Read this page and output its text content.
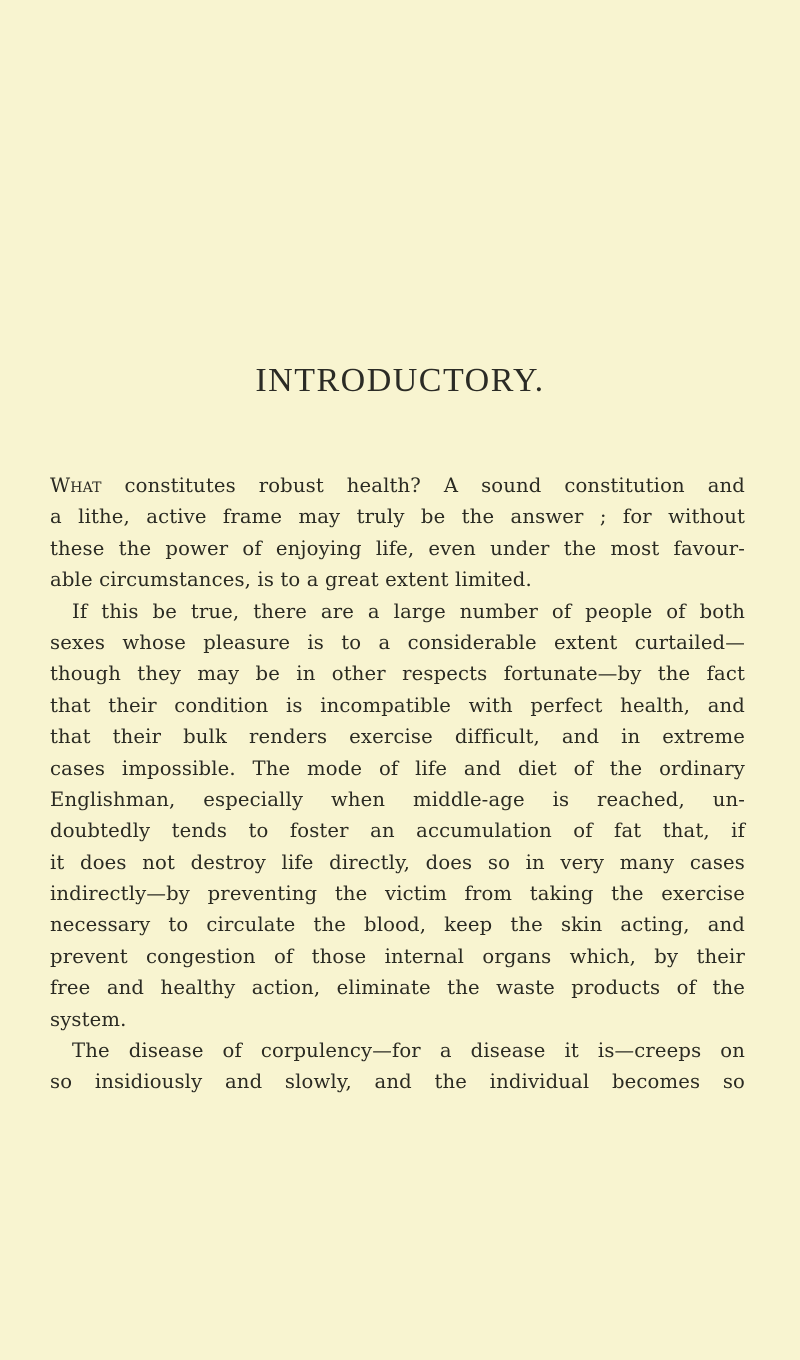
INTRODUCTORY.
What constitutes robust health? A sound constitution and
a lithe, active frame may truly be the answer ; for without
these the power of enjoying life, even under the most favour-
able circumstances, is to a great extent limited.
If this be true, there are a large number of people of both
sexes whose pleasure is to a considerable extent curtailed—
though they may be in other respects fortunate—by the fact
that their condition is incompatible with perfect health, and
that their bulk renders exercise difficult, and in extreme
cases impossible. The mode of life and diet of the ordinary
Englishman, especially when middle-age is reached, un-
doubtedly tends to foster an accumulation of fat that, if
it does not destroy life directly, does so in very many cases
indirectly—by preventing the victim from taking the exercise
necessary to circulate the blood, keep the skin acting, and
prevent congestion of those internal organs which, by their
free and healthy action, eliminate the waste products of the
system.
The disease of corpulency—for a disease it is—creeps on
so insidiously and slowly, and the individual becomes so
